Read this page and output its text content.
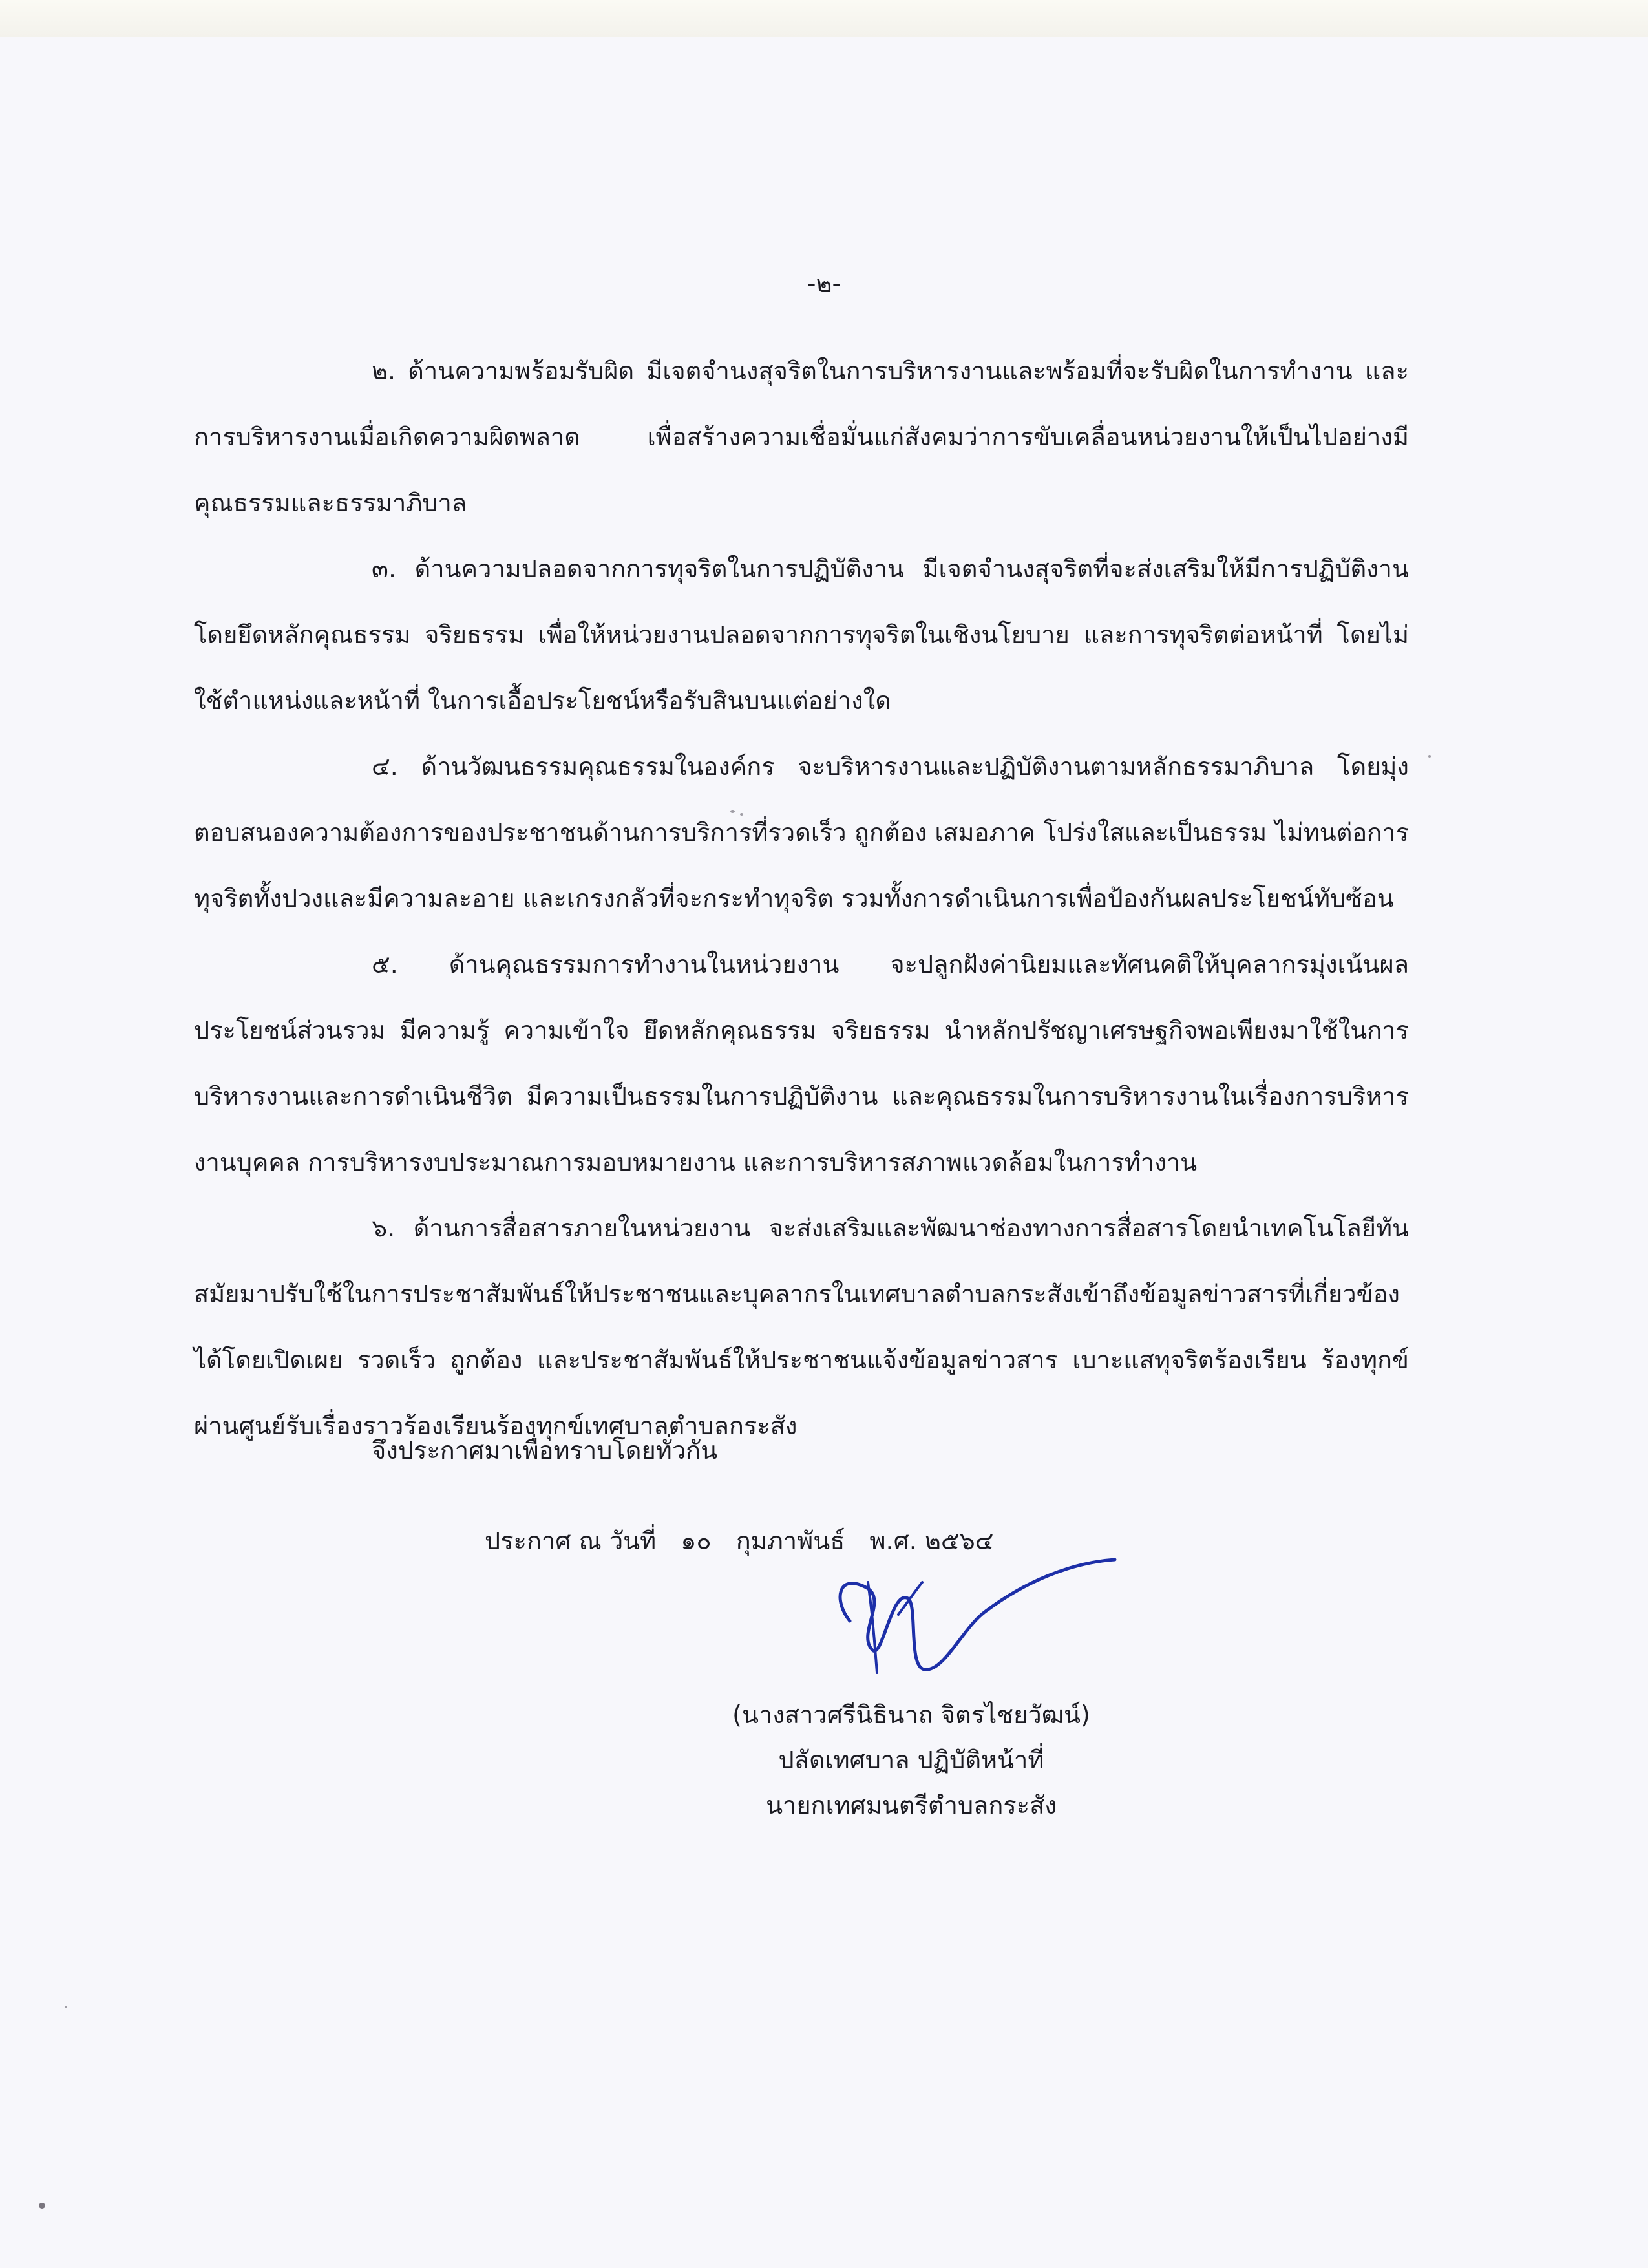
-๒-

๒. ด้านความพร้อมรับผิด มีเจตจำนงสุจริตในการบริหารงานและพร้อมที่จะรับผิดในการทำงาน และการบริหารงานเมื่อเกิดความผิดพลาด เพื่อสร้างความเชื่อมั่นแก่สังคมว่าการขับเคลื่อนหน่วยงานให้เป็นไปอย่างมีคุณธรรมและธรรมาภิบาล

๓. ด้านความปลอดจากการทุจริตในการปฏิบัติงาน มีเจตจำนงสุจริตที่จะส่งเสริมให้มีการปฏิบัติงานโดยยึดหลักคุณธรรม จริยธรรม เพื่อให้หน่วยงานปลอดจากการทุจริตในเชิงนโยบาย และการทุจริตต่อหน้าที่ โดยไม่ใช้ตำแหน่งและหน้าที่ ในการเอื้อประโยชน์หรือรับสินบนแต่อย่างใด

๔. ด้านวัฒนธรรมคุณธรรมในองค์กร จะบริหารงานและปฏิบัติงานตามหลักธรรมาภิบาล โดยมุ่งตอบสนองความต้องการของประชาชนด้านการบริการที่รวดเร็ว ถูกต้อง เสมอภาค โปร่งใสและเป็นธรรม ไม่ทนต่อการทุจริตทั้งปวงและมีความละอาย และเกรงกลัวที่จะกระทำทุจริต รวมทั้งการดำเนินการเพื่อป้องกันผลประโยชน์ทับซ้อน

๕. ด้านคุณธรรมการทำงานในหน่วยงาน จะปลูกฝังค่านิยมและทัศนคติให้บุคลากรมุ่งเน้นผลประโยชน์ส่วนรวม มีความรู้ ความเข้าใจ ยึดหลักคุณธรรม จริยธรรม นำหลักปรัชญาเศรษฐกิจพอเพียงมาใช้ในการบริหารงานและการดำเนินชีวิต มีความเป็นธรรมในการปฏิบัติงาน และคุณธรรมในการบริหารงานในเรื่องการบริหารงานบุคคล การบริหารงบประมาณการมอบหมายงาน และการบริหารสภาพแวดล้อมในการทำงาน

๖. ด้านการสื่อสารภายในหน่วยงาน จะส่งเสริมและพัฒนาช่องทางการสื่อสารโดยนำเทคโนโลยีทันสมัยมาปรับใช้ในการประชาสัมพันธ์ให้ประชาชนและบุคลากรในเทศบาลตำบลกระสังเข้าถึงข้อมูลข่าวสารที่เกี่ยวข้องได้โดยเปิดเผย รวดเร็ว ถูกต้อง และประชาสัมพันธ์ให้ประชาชนแจ้งข้อมูลข่าวสาร เบาะแสทุจริตร้องเรียน ร้องทุกข์ผ่านศูนย์รับเรื่องราวร้องเรียนร้องทุกข์เทศบาลตำบลกระสัง

จึงประกาศมาเพื่อทราบโดยทั่วกัน
ประกาศ ณ วันที่ ๑๐ กุมภาพันธ์ พ.ศ. ๒๕๖๔
(นางสาวศรีนิธินาถ จิตรไชยวัฒน์)
ปลัดเทศบาล ปฏิบัติหน้าที่
นายกเทศมนตรีตำบลกระสัง
